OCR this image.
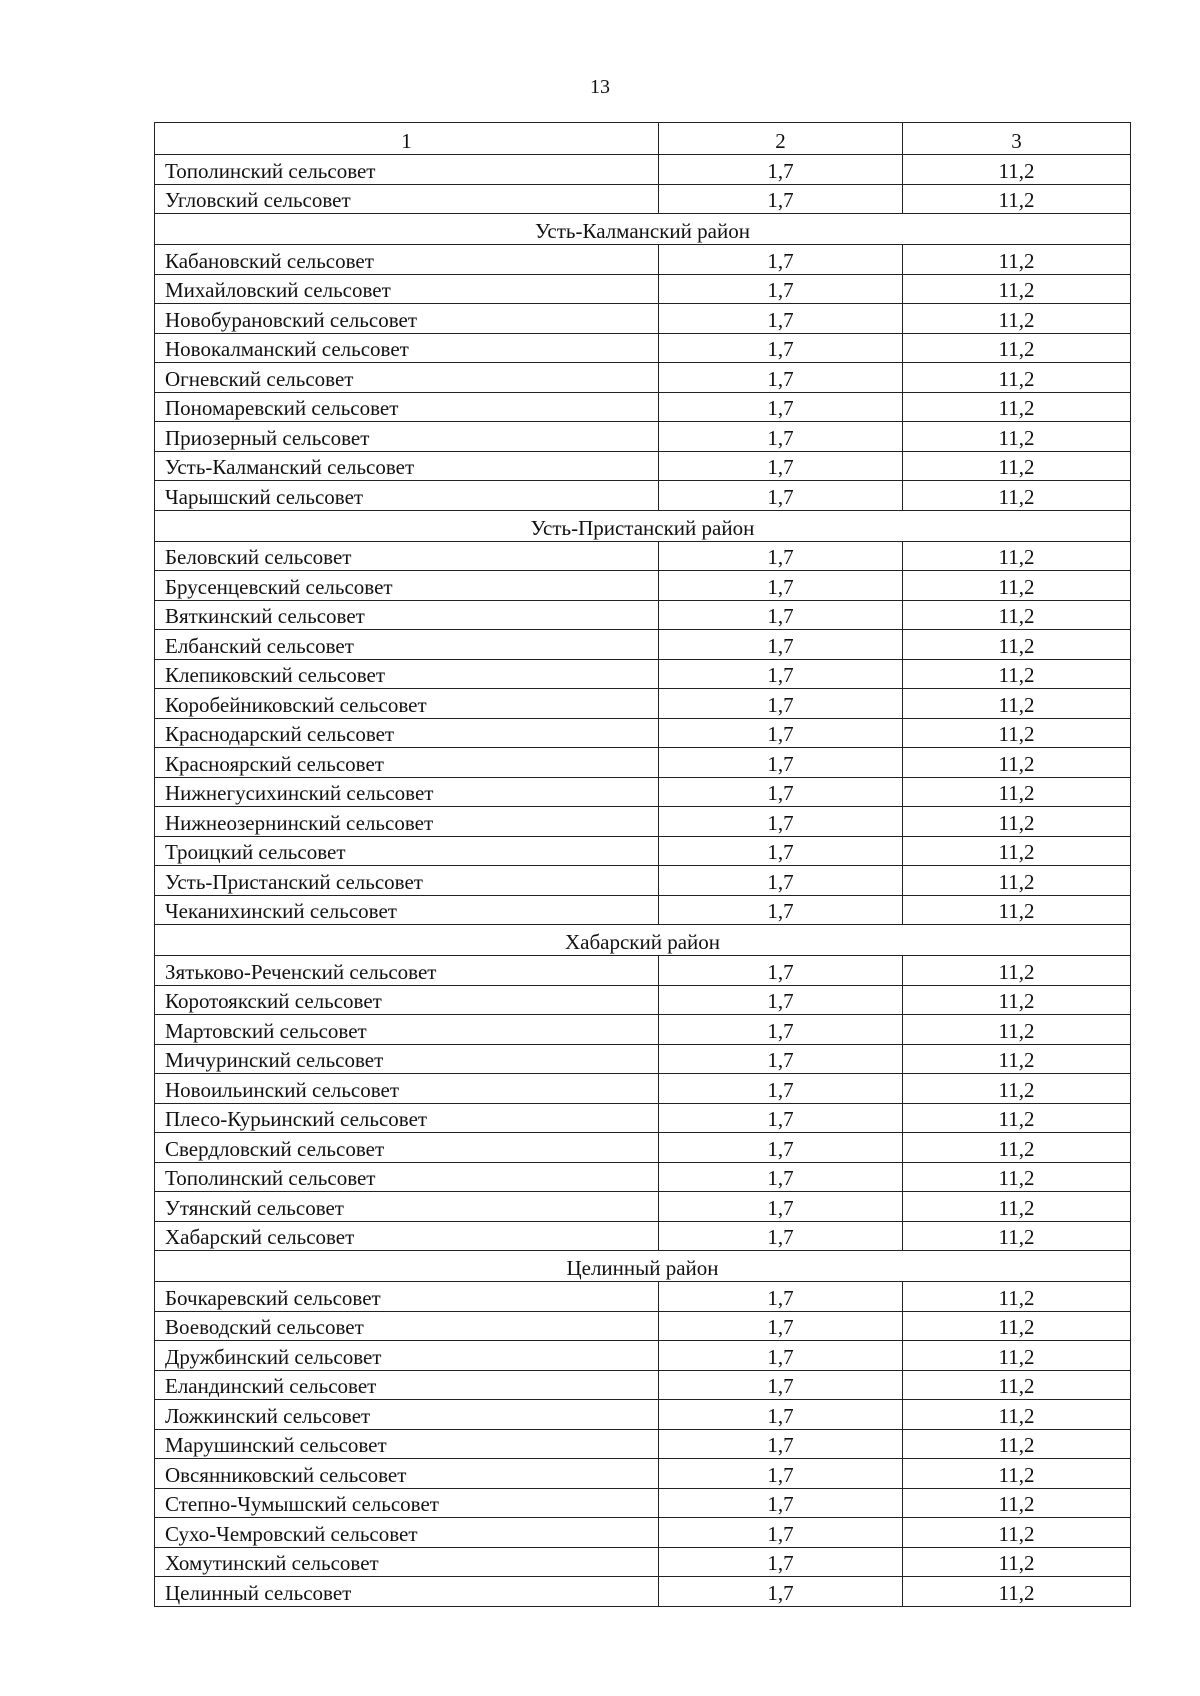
13
1	2	3
Тополинский сельсовет	1,7	11,2
Угловский сельсовет	1,7	11,2
Усть-Калманский район		
Кабановский сельсовет	1,7	11,2
Михайловский сельсовет	1,7	11,2
Новобурановский сельсовет	1,7	11,2
Новокалманский сельсовет	1,7	11,2
Огневский сельсовет	1,7	11,2
Пономаревский сельсовет	1,7	11,2
Приозерный сельсовет	1,7	11,2
Усть-Калманский сельсовет	1,7	11,2
Чарышский сельсовет	1,7	11,2
Усть-Пристанский район		
Беловский сельсовет	1,7	11,2
Брусенцевский сельсовет	1,7	11,2
Вяткинский сельсовет	1,7	11,2
Елбанский сельсовет	1,7	11,2
Клепиковский сельсовет	1,7	11,2
Коробейниковский сельсовет	1,7	11,2
Краснодарский сельсовет	1,7	11,2
Красноярский сельсовет	1,7	11,2
Нижнегусихинский сельсовет	1,7	11,2
Нижнеозернинский сельсовет	1,7	11,2
Троицкий сельсовет	1,7	11,2
Усть-Пристанский сельсовет	1,7	11,2
Чеканихинский сельсовет	1,7	11,2
Хабарский район		
Зятьково-Реченский сельсовет	1,7	11,2
Коротоякский сельсовет	1,7	11,2
Мартовский сельсовет	1,7	11,2
Мичуринский сельсовет	1,7	11,2
Новоильинский сельсовет	1,7	11,2
Плесо-Курьинский сельсовет	1,7	11,2
Свердловский сельсовет	1,7	11,2
Тополинский сельсовет	1,7	11,2
Утянский сельсовет	1,7	11,2
Хабарский сельсовет	1,7	11,2
Целинный район		
Бочкаревский сельсовет	1,7	11,2
Воеводский сельсовет	1,7	11,2
Дружбинский сельсовет	1,7	11,2
Еландинский сельсовет	1,7	11,2
Ложкинский сельсовет	1,7	11,2
Марушинский сельсовет	1,7	11,2
Овсянниковский сельсовет	1,7	11,2
Степно-Чумышский сельсовет	1,7	11,2
Сухо-Чемровский сельсовет	1,7	11,2
Хомутинский сельсовет	1,7	11,2
Целинный сельсовет	1,7	11,2
